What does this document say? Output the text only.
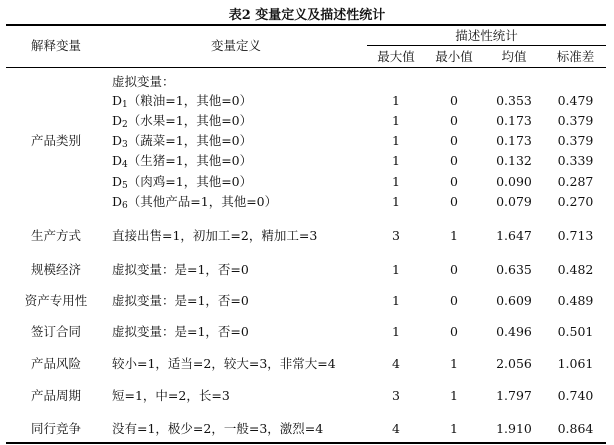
表2 变量定义及描述性统计
解释变量	变量定义
描述性统计
最大值	最小值	均值	标准差
虚拟变量：
产品类别
$D_1$（粮油=1，其他=0）	1	0	0.353	0.479
$D_2$（水果=1，其他=0）	1	0	0.173	0.379
$D_3$（蔬菜=1，其他=0）	1	0	0.173	0.379
$D_4$（生猪=1，其他=0）	1	0	0.132	0.339
$D_5$（肉鸡=1，其他=0）	1	0	0.090	0.287
$D_6$（其他产品=1，其他=0）	1	0	0.079	0.270
生产方式	直接出售=1，初加工=2，精加工=3	3	1	1.647	0.713
规模经济	虚拟变量：是=1，否=0	1	0	0.635	0.482
资产专用性	虚拟变量：是=1，否=0	1	0	0.609	0.489
签订合同	虚拟变量：是=1，否=0	1	0	0.496	0.501
产品风险	较小=1，适当=2，较大=3，非常大=4	4	1	2.056	1.061
产品周期	短=1，中=2，长=3	3	1	1.797	0.740
同行竞争	没有=1，极少=2，一般=3，激烈=4	4	1	1.910	0.864
